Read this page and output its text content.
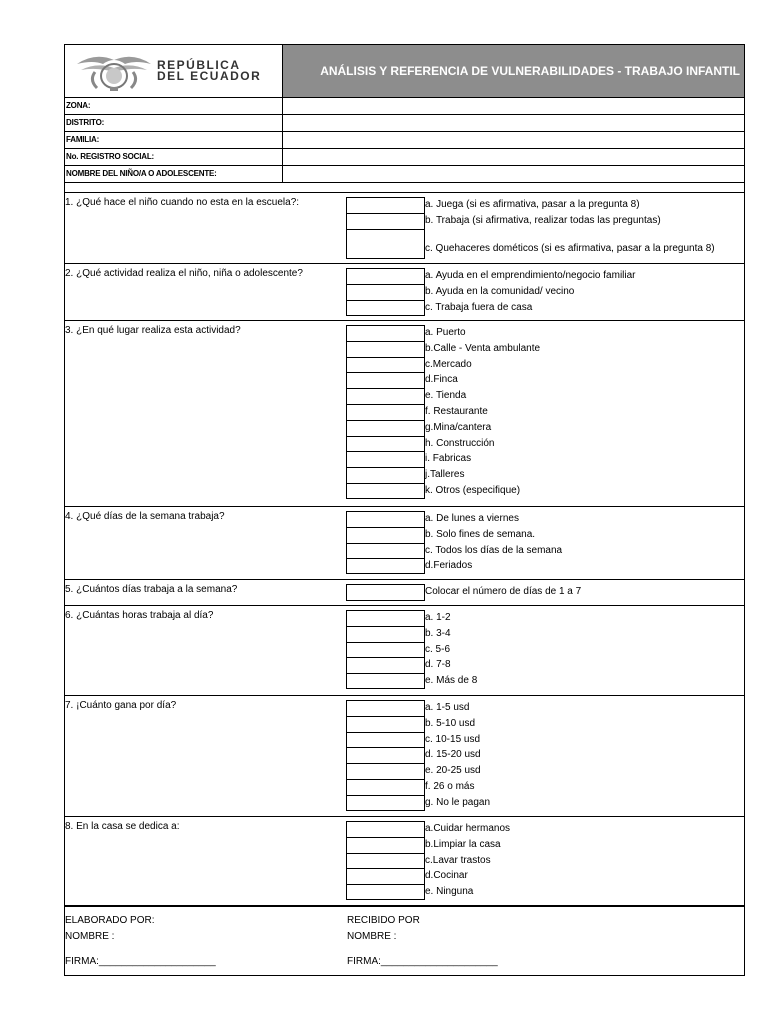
REPÚBLICA
DEL ECUADOR	ANÁLISIS Y REFERENCIA DE VULNERABILIDADES - TRABAJO INFANTIL
ZONA:
DISTRITO:
FAMILIA:
No. REGISTRO SOCIAL:
NOMBRE DEL NIÑO/A O ADOLESCENTE:
1. ¿Qué hace el niño cuando no esta en la escuela?:	a. Juega (si es afirmativa, pasar a la pregunta 8)
b. Trabaja (si afirmativa, realizar todas las preguntas)
c. Quehaceres dométicos (si es afirmativa, pasar a la pregunta 8)
2. ¿Qué actividad realiza el niño, niña o adolescente?	a. Ayuda en el emprendimiento/negocio familiar
b. Ayuda en la comunidad/ vecino
c. Trabaja fuera de casa
3. ¿En qué lugar realiza esta actividad?	a. Puerto
b.Calle - Venta ambulante
c.Mercado
d.Finca
e. Tienda
f. Restaurante
g.Mina/cantera
h. Construcción
i. Fabricas
j.Talleres
k. Otros (especifique)
4. ¿Qué días de la semana trabaja?	a. De lunes a viernes
b. Solo fines de semana.
c. Todos los días de la semana
d.Feriados
5. ¿Cuántos días trabaja a la semana?	Colocar el número de días de 1 a 7
6. ¿Cuántas horas trabaja al día?	a. 1-2
b. 3-4
c. 5-6
d. 7-8
e. Más de 8
7. ¡Cuánto gana por día?	a. 1-5 usd
b. 5-10 usd
c. 10-15 usd
d. 15-20 usd
e. 20-25 usd
f. 26 o más
g. No le pagan
8. En la casa se dedica a:	a.Cuidar hermanos
b.Limpiar la casa
c.Lavar trastos
d.Cocinar
e. Ninguna
ELABORADO POR:
NOMBRE :
FIRMA:_____________________
RECIBIDO POR
NOMBRE :
FIRMA:_____________________
